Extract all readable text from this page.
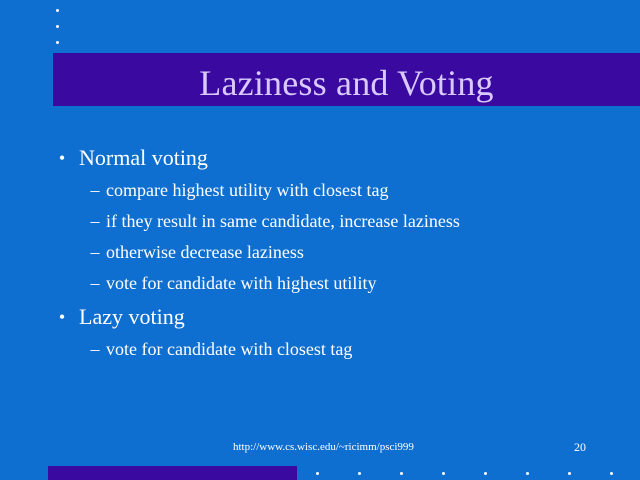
Laziness and Voting
• Normal voting
– compare highest utility with closest tag
– if they result in same candidate, increase laziness
– otherwise decrease laziness
– vote for candidate with highest utility
• Lazy voting
– vote for candidate with closest tag
http://www.cs.wisc.edu/~ricimm/psci999	20
